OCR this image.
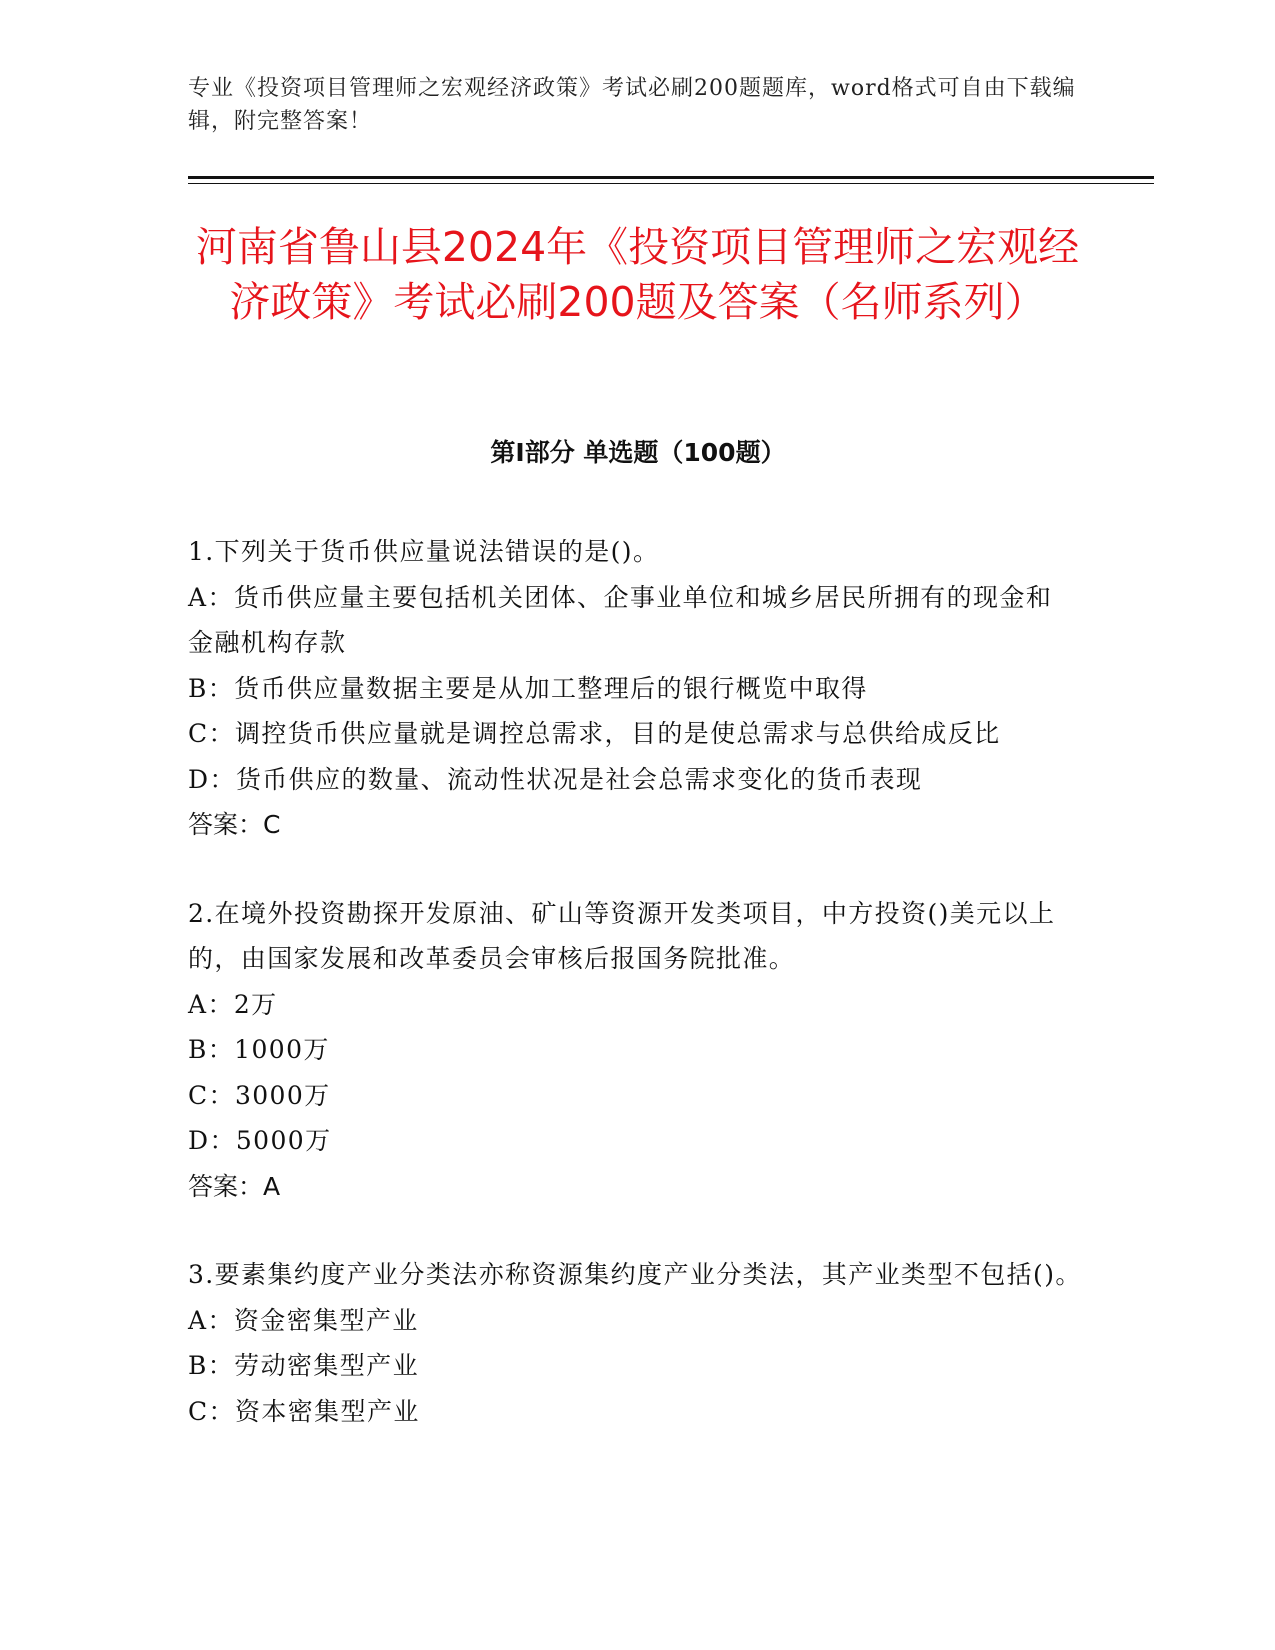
专业《投资项目管理师之宏观经济政策》考试必刷200题题库，word格式可自由下载编辑，附完整答案！
河南省鲁山县2024年《投资项目管理师之宏观经济政策》考试必刷200题及答案（名师系列）
第Ⅰ部分 单选题（100题）

1.下列关于货币供应量说法错误的是()。

A：货币供应量主要包括机关团体、企事业单位和城乡居民所拥有的现金和金融机构存款

B：货币供应量数据主要是从加工整理后的银行概览中取得

C：调控货币供应量就是调控总需求，目的是使总需求与总供给成反比

D：货币供应的数量、流动性状况是社会总需求变化的货币表现

答案：C

2.在境外投资勘探开发原油、矿山等资源开发类项目，中方投资()美元以上的，由国家发展和改革委员会审核后报国务院批准。

A：2万

B：1000万

C：3000万

D：5000万

答案：A

3.要素集约度产业分类法亦称资源集约度产业分类法，其产业类型不包括()。

A：资金密集型产业

B：劳动密集型产业

C：资本密集型产业
